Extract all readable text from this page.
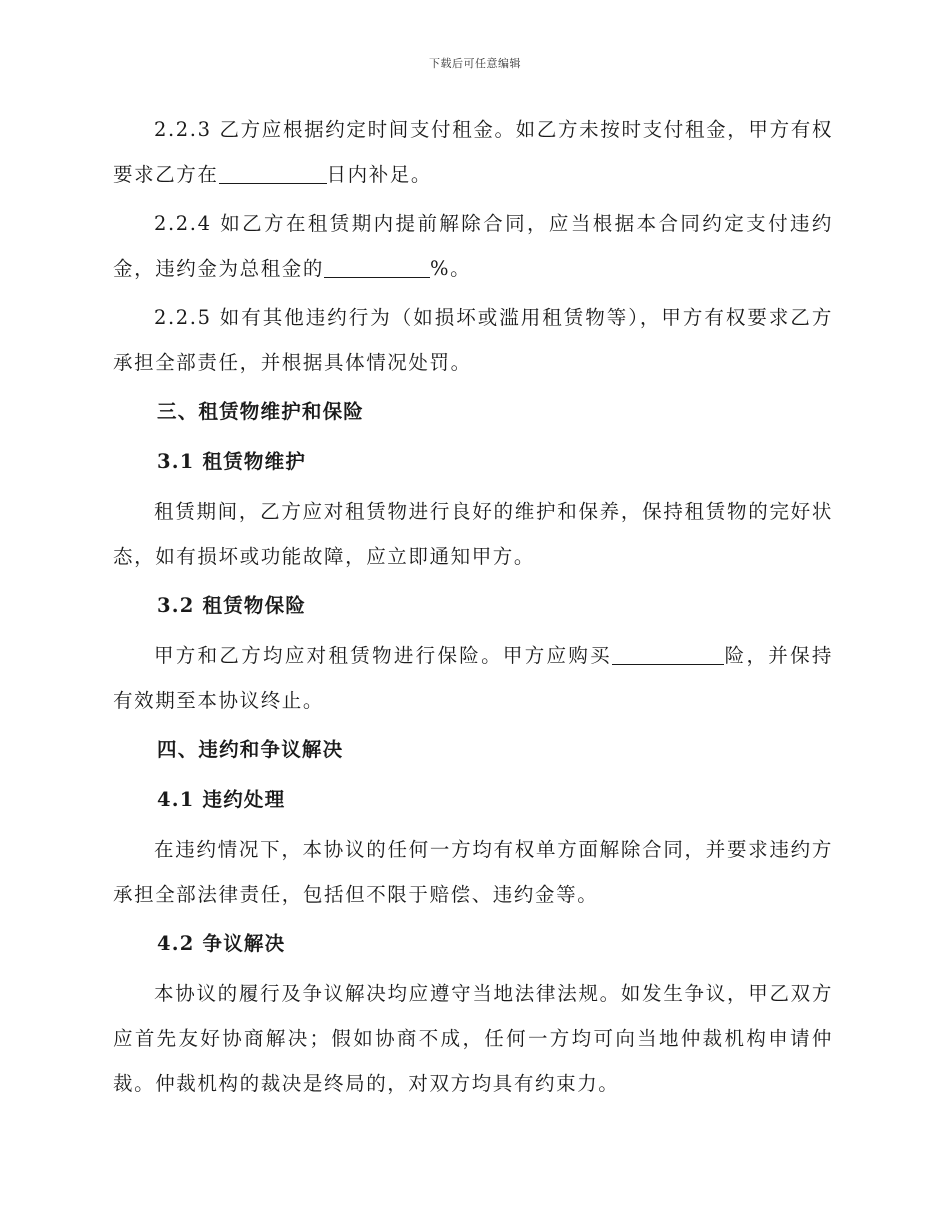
下载后可任意编辑

2.2.3 乙方应根据约定时间支付租金。如乙方未按时支付租金，甲方有权要求乙方在	日内补足。

2.2.4 如乙方在租赁期内提前解除合同，应当根据本合同约定支付违约金，违约金为总租金的	%。

2.2.5 如有其他违约行为（如损坏或滥用租赁物等），甲方有权要求乙方承担全部责任，并根据具体情况处罚。

三、租赁物维护和保险
3.1 租赁物维护

租赁期间，乙方应对租赁物进行良好的维护和保养，保持租赁物的完好状态，如有损坏或功能故障，应立即通知甲方。

3.2 租赁物保险

甲方和乙方均应对租赁物进行保险。甲方应购买	险，并保持有效期至本协议终止。

四、违约和争议解决
4.1 违约处理

在违约情况下，本协议的任何一方均有权单方面解除合同，并要求违约方承担全部法律责任，包括但不限于赔偿、违约金等。

4.2 争议解决

本协议的履行及争议解决均应遵守当地法律法规。如发生争议，甲乙双方应首先友好协商解决；假如协商不成，任何一方均可向当地仲裁机构申请仲裁。仲裁机构的裁决是终局的，对双方均具有约束力。
